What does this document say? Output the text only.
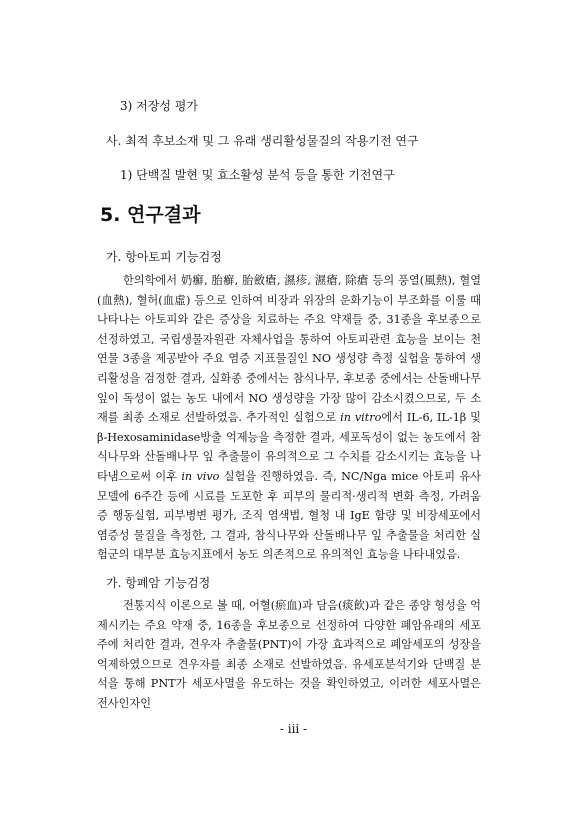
3) 저장성 평가
사. 최적 후보소재 및 그 유래 생리활성물질의 작용기전 연구
1) 단백질 발현 및 효소활성 분석 등을 통한 기전연구
5. 연구결과
가. 항아토피 기능검정
한의학에서 奶癬, 胎癬, 胎斂瘡, 濕疹, 濕瘡, 除瘡 등의 풍열(風熱), 혈열(血熱), 혈허(血虛) 등으로 인하여 비장과 위장의 운화기능이 부조화를 이룰 때 나타나는 아토피와 같은 증상을 치료하는 주요 약재들 중, 31종을 후보종으로 선정하였고, 국립생물자원관 자체사업을 통하여 아토피관련 효능을 보이는 천연물 3종을 제공받아 주요 염증 지표물질인 NO 생성량 측정 실험을 통하여 생리활성을 검정한 결과, 실화종 중에서는 참식나무, 후보종 중에서는 산돌배나무 잎이 독성이 없는 농도 내에서 NO 생성량을 가장 많이 감소시켰으므로, 두 소재를 최종 소재로 선발하였음. 추가적인 실험으로 in vitro에서 IL-6, IL-1β 및 β-Hexosaminidase방출 억제능을 측정한 결과, 세포독성이 없는 농도에서 참식나무와 산돌배나무 잎 추출물이 유의적으로 그 수치를 감소시키는 효능을 나타냄으로써 이후 in vivo 실험을 진행하였음. 즉, NC/Nga mice 아토피 유사모델에 6주간 등에 시료를 도포한 후 피부의 물리적·생리적 변화 측정, 가려움증 행동실험, 피부병변 평가, 조직 염색법, 혈청 내 IgE 함량 및 비장세포에서 염증성 물질을 측정한, 그 결과, 참식나무와 산돌배나무 잎 추출물을 처리한 실험군의 대부분 효능지표에서 농도 의존적으로 유의적인 효능을 나타내었음.
가. 항폐암 기능검정
전통지식 이론으로 볼 때, 어혈(瘀血)과 담음(痰飮)과 같은 종양 형성을 억제시키는 주요 약재 중, 16종을 후보종으로 선정하여 다양한 폐암유래의 세포주에 처리한 결과, 견우자 추출물(PNT)이 가장 효과적으로 폐암세포의 성장을 억제하였으므로 견우자를 최종 소재로 선발하였음. 유세포분석기와 단백질 분석을 통해 PNT가 세포사멸을 유도하는 것을 확인하였고, 이러한 세포사멸은 전사인자인
- iii -
